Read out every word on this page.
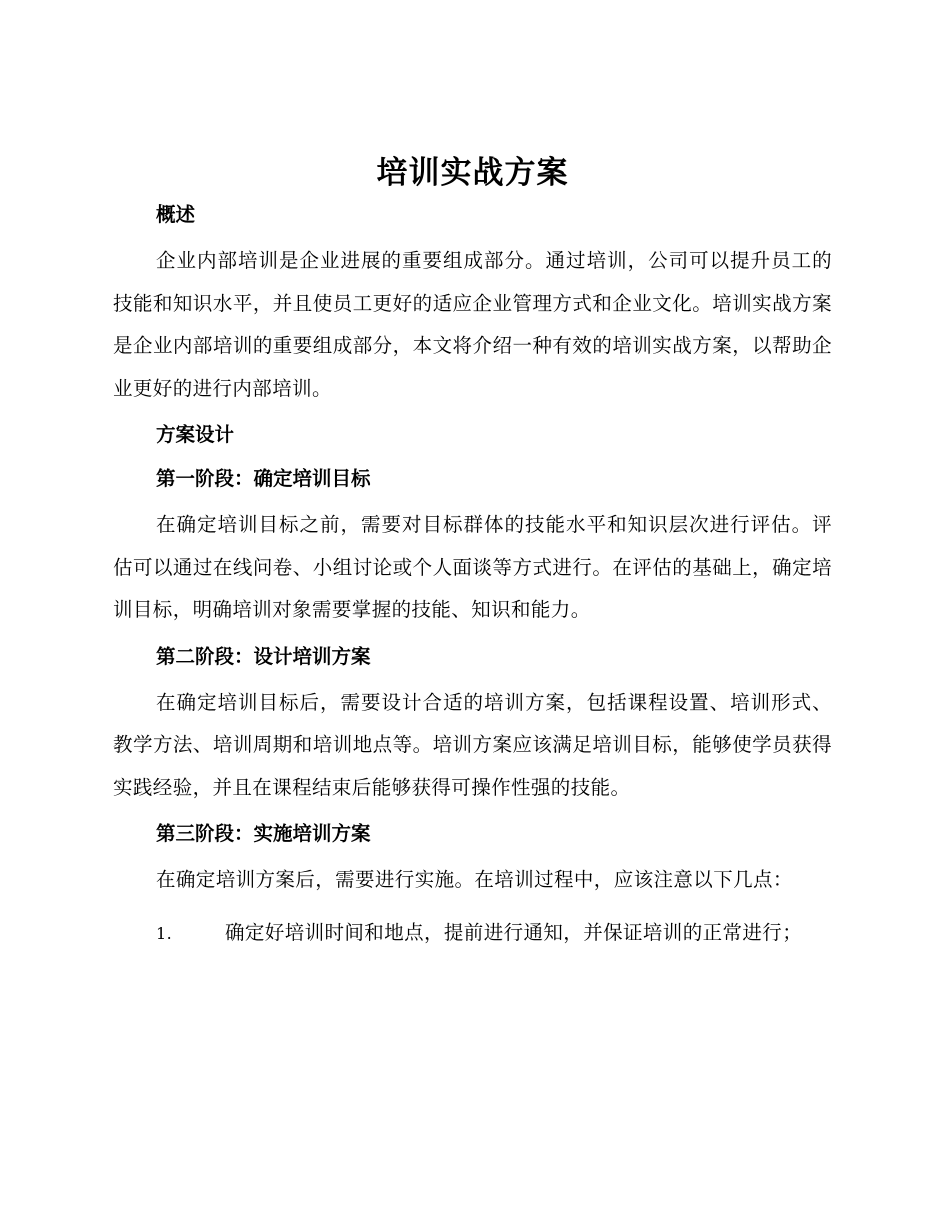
培训实战方案
概述

企业内部培训是企业进展的重要组成部分。通过培训，公司可以提升员工的技能和知识水平，并且使员工更好的适应企业管理方式和企业文化。培训实战方案是企业内部培训的重要组成部分，本文将介绍一种有效的培训实战方案，以帮助企业更好的进行内部培训。

方案设计
第一阶段：确定培训目标

在确定培训目标之前，需要对目标群体的技能水平和知识层次进行评估。评估可以通过在线问卷、小组讨论或个人面谈等方式进行。在评估的基础上，确定培训目标，明确培训对象需要掌握的技能、知识和能力。

第二阶段：设计培训方案

在确定培训目标后，需要设计合适的培训方案，包括课程设置、培训形式、教学方法、培训周期和培训地点等。培训方案应该满足培训目标，能够使学员获得实践经验，并且在课程结束后能够获得可操作性强的技能。

第三阶段：实施培训方案

在确定培训方案后，需要进行实施。在培训过程中，应该注意以下几点：

1.	确定好培训时间和地点，提前进行通知，并保证培训的正常进行；
